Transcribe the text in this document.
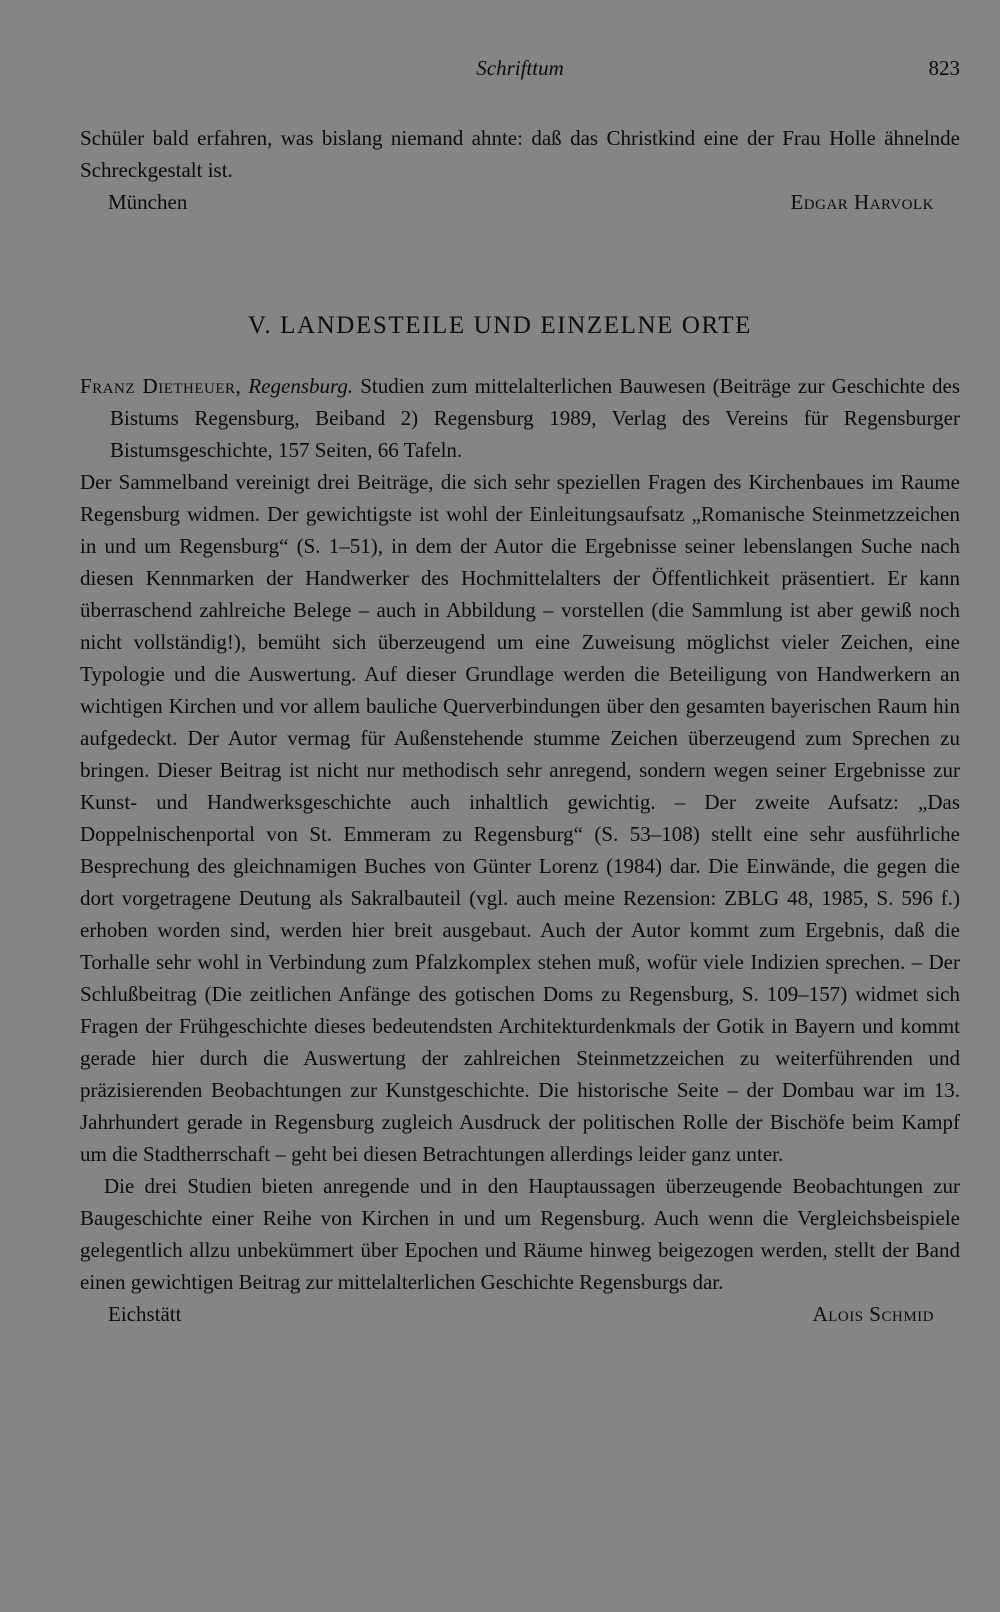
Schrifttum	823

Schüler bald erfahren, was bislang niemand ahnte: daß das Christkind eine der Frau Holle ähnelnde Schreckgestalt ist.

München	Edgar Harvolk
V. LANDESTEILE UND EINZELNE ORTE

Franz Dietheuer, Regensburg. Studien zum mittelalterlichen Bauwesen (Beiträge zur Geschichte des Bistums Regensburg, Beiband 2) Regensburg 1989, Verlag des Vereins für Regensburger Bistumsgeschichte, 157 Seiten, 66 Tafeln.

Der Sammelband vereinigt drei Beiträge, die sich sehr speziellen Fragen des Kirchenbaues im Raume Regensburg widmen. Der gewichtigste ist wohl der Einleitungsaufsatz „Romanische Steinmetzzeichen in und um Regensburg“ (S. 1–51), in dem der Autor die Ergebnisse seiner lebenslangen Suche nach diesen Kennmarken der Handwerker des Hochmittelalters der Öffentlichkeit präsentiert. Er kann überraschend zahlreiche Belege – auch in Abbildung – vorstellen (die Sammlung ist aber gewiß noch nicht vollständig!), bemüht sich überzeugend um eine Zuweisung möglichst vieler Zeichen, eine Typologie und die Auswertung. Auf dieser Grundlage werden die Beteiligung von Handwerkern an wichtigen Kirchen und vor allem bauliche Querverbindungen über den gesamten bayerischen Raum hin aufgedeckt. Der Autor vermag für Außenstehende stumme Zeichen überzeugend zum Sprechen zu bringen. Dieser Beitrag ist nicht nur methodisch sehr anregend, sondern wegen seiner Ergebnisse zur Kunst- und Handwerksgeschichte auch inhaltlich gewichtig. – Der zweite Aufsatz: „Das Doppelnischenportal von St. Emmeram zu Regensburg“ (S. 53–108) stellt eine sehr ausführliche Besprechung des gleichnamigen Buches von Günter Lorenz (1984) dar. Die Einwände, die gegen die dort vorgetragene Deutung als Sakralbauteil (vgl. auch meine Rezension: ZBLG 48, 1985, S. 596 f.) erhoben worden sind, werden hier breit ausgebaut. Auch der Autor kommt zum Ergebnis, daß die Torhalle sehr wohl in Verbindung zum Pfalzkomplex stehen muß, wofür viele Indizien sprechen. – Der Schlußbeitrag (Die zeitlichen Anfänge des gotischen Doms zu Regensburg, S. 109–157) widmet sich Fragen der Frühgeschichte dieses bedeutendsten Architekturdenkmals der Gotik in Bayern und kommt gerade hier durch die Auswertung der zahlreichen Steinmetzzeichen zu weiterführenden und präzisierenden Beobachtungen zur Kunstgeschichte. Die historische Seite – der Dombau war im 13. Jahrhundert gerade in Regensburg zugleich Ausdruck der politischen Rolle der Bischöfe beim Kampf um die Stadtherrschaft – geht bei diesen Betrachtungen allerdings leider ganz unter.

Die drei Studien bieten anregende und in den Hauptaussagen überzeugende Beobachtungen zur Baugeschichte einer Reihe von Kirchen in und um Regensburg. Auch wenn die Vergleichsbeispiele gelegentlich allzu unbekümmert über Epochen und Räume hinweg beigezogen werden, stellt der Band einen gewichtigen Beitrag zur mittelalterlichen Geschichte Regensburgs dar.

Eichstätt	Alois Schmid
